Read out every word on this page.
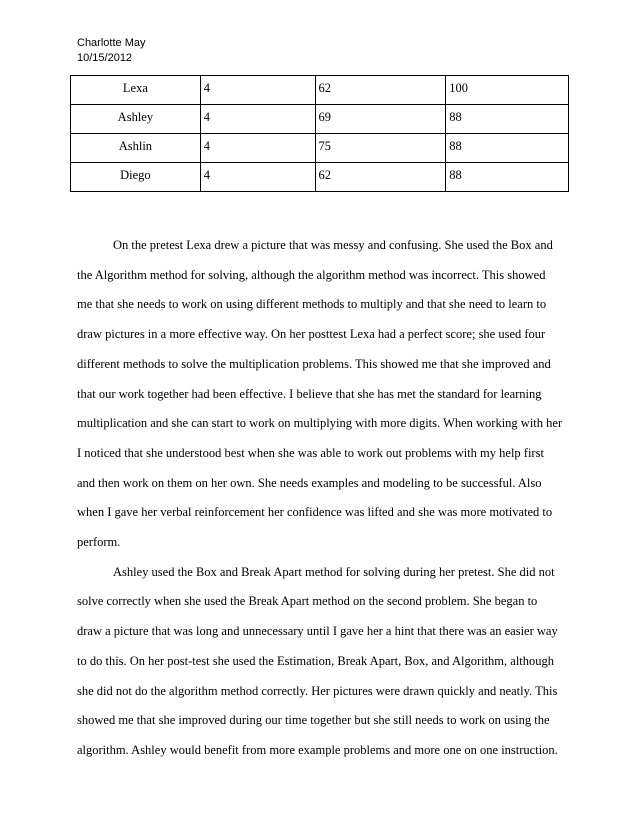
Charlotte May
10/15/2012
Lexa	4	62	100
Ashley	4	69	88
Ashlin	4	75	88
Diego	4	62	88

On the pretest Lexa drew a picture that was messy and confusing. She used the Box and
the Algorithm method for solving, although the algorithm method was incorrect. This showed
me that she needs to work on using different methods to multiply and that she need to learn to
draw pictures in a more effective way. On her posttest Lexa had a perfect score; she used four
different methods to solve the multiplication problems. This showed me that she improved and
that our work together had been effective. I believe that she has met the standard for learning
multiplication and she can start to work on multiplying with more digits. When working with her
I noticed that she understood best when she was able to work out problems with my help first
and then work on them on her own. She needs examples and modeling to be successful. Also
when I gave her verbal reinforcement her confidence was lifted and she was more motivated to
perform.

Ashley used the Box and Break Apart method for solving during her pretest. She did not
solve correctly when she used the Break Apart method on the second problem. She began to
draw a picture that was long and unnecessary until I gave her a hint that there was an easier way
to do this. On her post-test she used the Estimation, Break Apart, Box, and Algorithm, although
she did not do the algorithm method correctly. Her pictures were drawn quickly and neatly. This
showed me that she improved during our time together but she still needs to work on using the
algorithm. Ashley would benefit from more example problems and more one on one instruction.
